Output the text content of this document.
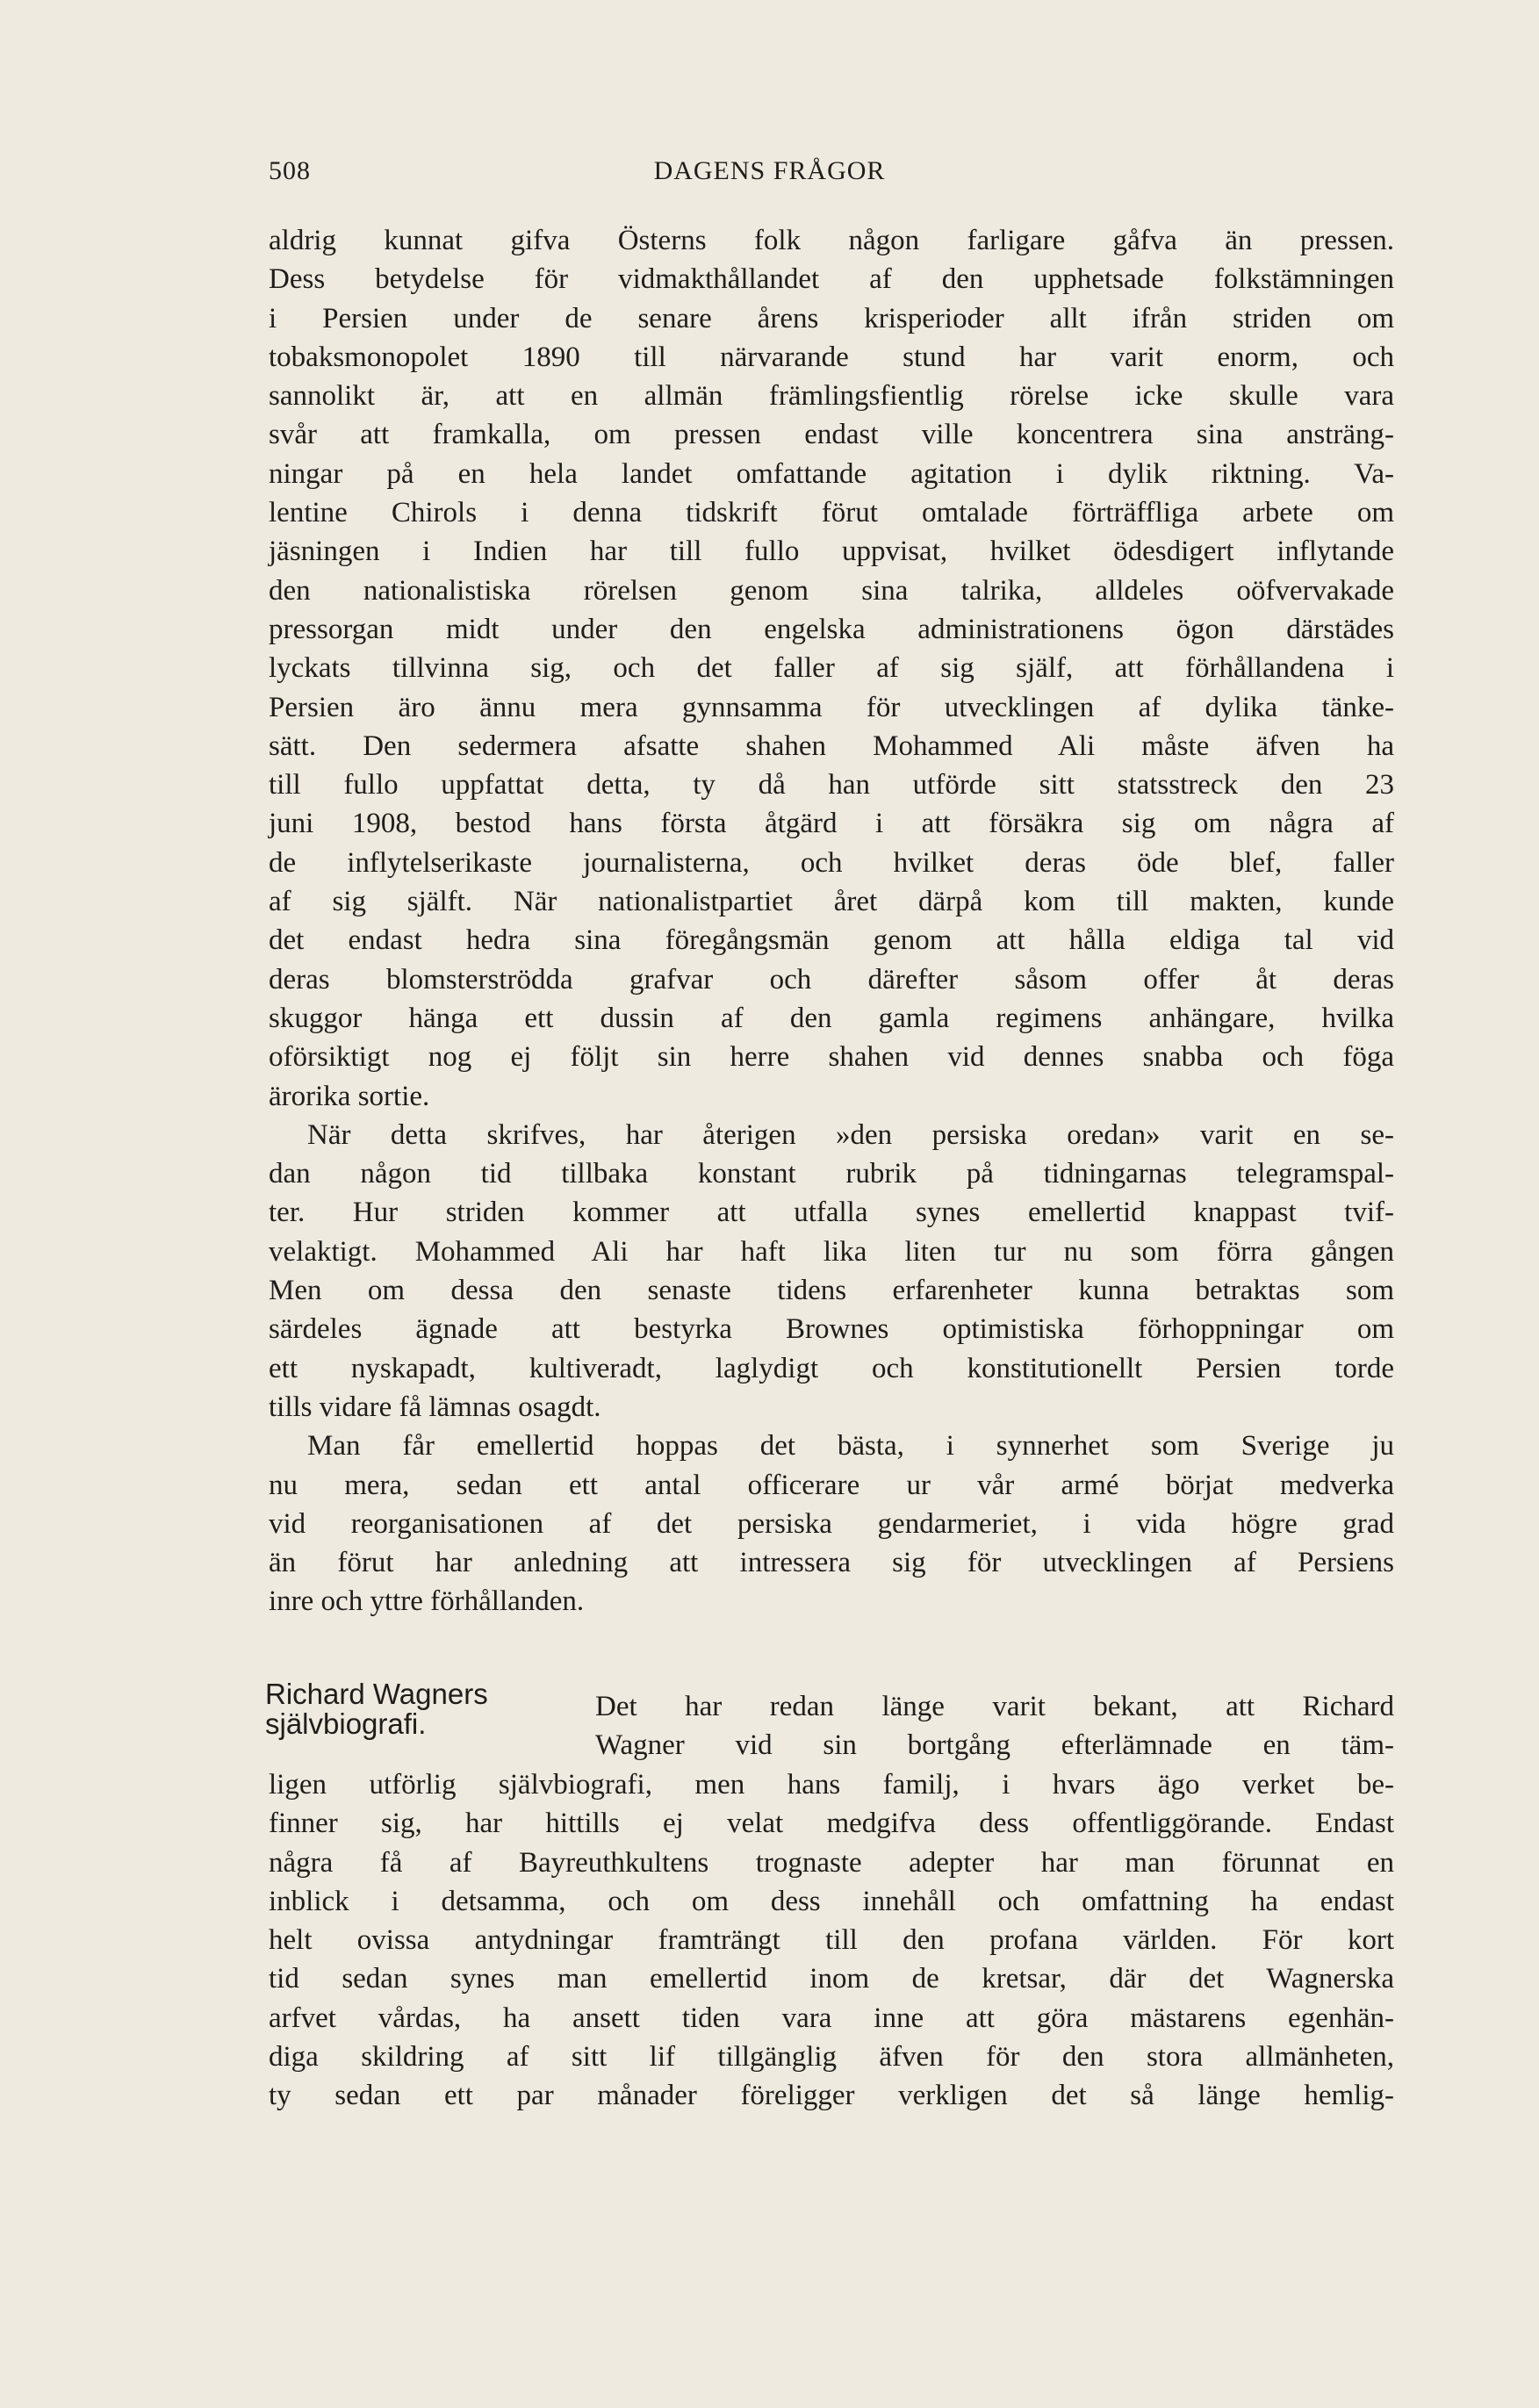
508	DAGENS FRÅGOR
aldrig kunnat gifva Österns folk någon farligare gåfva än pressen.
Dess betydelse för vidmakthållandet af den upphetsade folkstämningen
i Persien under de senare årens krisperioder allt ifrån striden om
tobaksmonopolet 1890 till närvarande stund har varit enorm, och
sannolikt är, att en allmän främlingsfientlig rörelse icke skulle vara
svår att framkalla, om pressen endast ville koncentrera sina ansträng-
ningar på en hela landet omfattande agitation i dylik riktning. Va-
lentine Chirols i denna tidskrift förut omtalade förträffliga arbete om
jäsningen i Indien har till fullo uppvisat, hvilket ödesdigert inflytande
den nationalistiska rörelsen genom sina talrika, alldeles oöfvervakade
pressorgan midt under den engelska administrationens ögon därstädes
lyckats tillvinna sig, och det faller af sig själf, att förhållandena i
Persien äro ännu mera gynnsamma för utvecklingen af dylika tänke-
sätt. Den sedermera afsatte shahen Mohammed Ali måste äfven ha
till fullo uppfattat detta, ty då han utförde sitt statsstreck den 23
juni 1908, bestod hans första åtgärd i att försäkra sig om några af
de inflytelserikaste journalisterna, och hvilket deras öde blef, faller
af sig själft. När nationalistpartiet året därpå kom till makten, kunde
det endast hedra sina föregångsmän genom att hålla eldiga tal vid
deras blomsterströdda grafvar och därefter såsom offer åt deras
skuggor hänga ett dussin af den gamla regimens anhängare, hvilka
oförsiktigt nog ej följt sin herre shahen vid dennes snabba och föga
ärorika sortie.
När detta skrifves, har återigen »den persiska oredan» varit en se-
dan någon tid tillbaka konstant rubrik på tidningarnas telegramspal-
ter. Hur striden kommer att utfalla synes emellertid knappast tvif-
velaktigt. Mohammed Ali har haft lika liten tur nu som förra gången
Men om dessa den senaste tidens erfarenheter kunna betraktas som
särdeles ägnade att bestyrka Brownes optimistiska förhoppningar om
ett nyskapadt, kultiveradt, laglydigt och konstitutionellt Persien torde
tills vidare få lämnas osagdt.
Man får emellertid hoppas det bästa, i synnerhet som Sverige ju
nu mera, sedan ett antal officerare ur vår armé börjat medverka
vid reorganisationen af det persiska gendarmeriet, i vida högre grad
än förut har anledning att intressera sig för utvecklingen af Persiens
inre och yttre förhållanden.
Richard Wagners
självbiografi.
Det har redan länge varit bekant, att Richard
Wagner vid sin bortgång efterlämnade en täm-
ligen utförlig självbiografi, men hans familj, i hvars ägo verket be-
finner sig, har hittills ej velat medgifva dess offentliggörande. Endast
några få af Bayreuthkultens trognaste adepter har man förunnat en
inblick i detsamma, och om dess innehåll och omfattning ha endast
helt ovissa antydningar framträngt till den profana världen. För kort
tid sedan synes man emellertid inom de kretsar, där det Wagnerska
arfvet vårdas, ha ansett tiden vara inne att göra mästarens egenhän-
diga skildring af sitt lif tillgänglig äfven för den stora allmänheten,
ty sedan ett par månader föreligger verkligen det så länge hemlig-
